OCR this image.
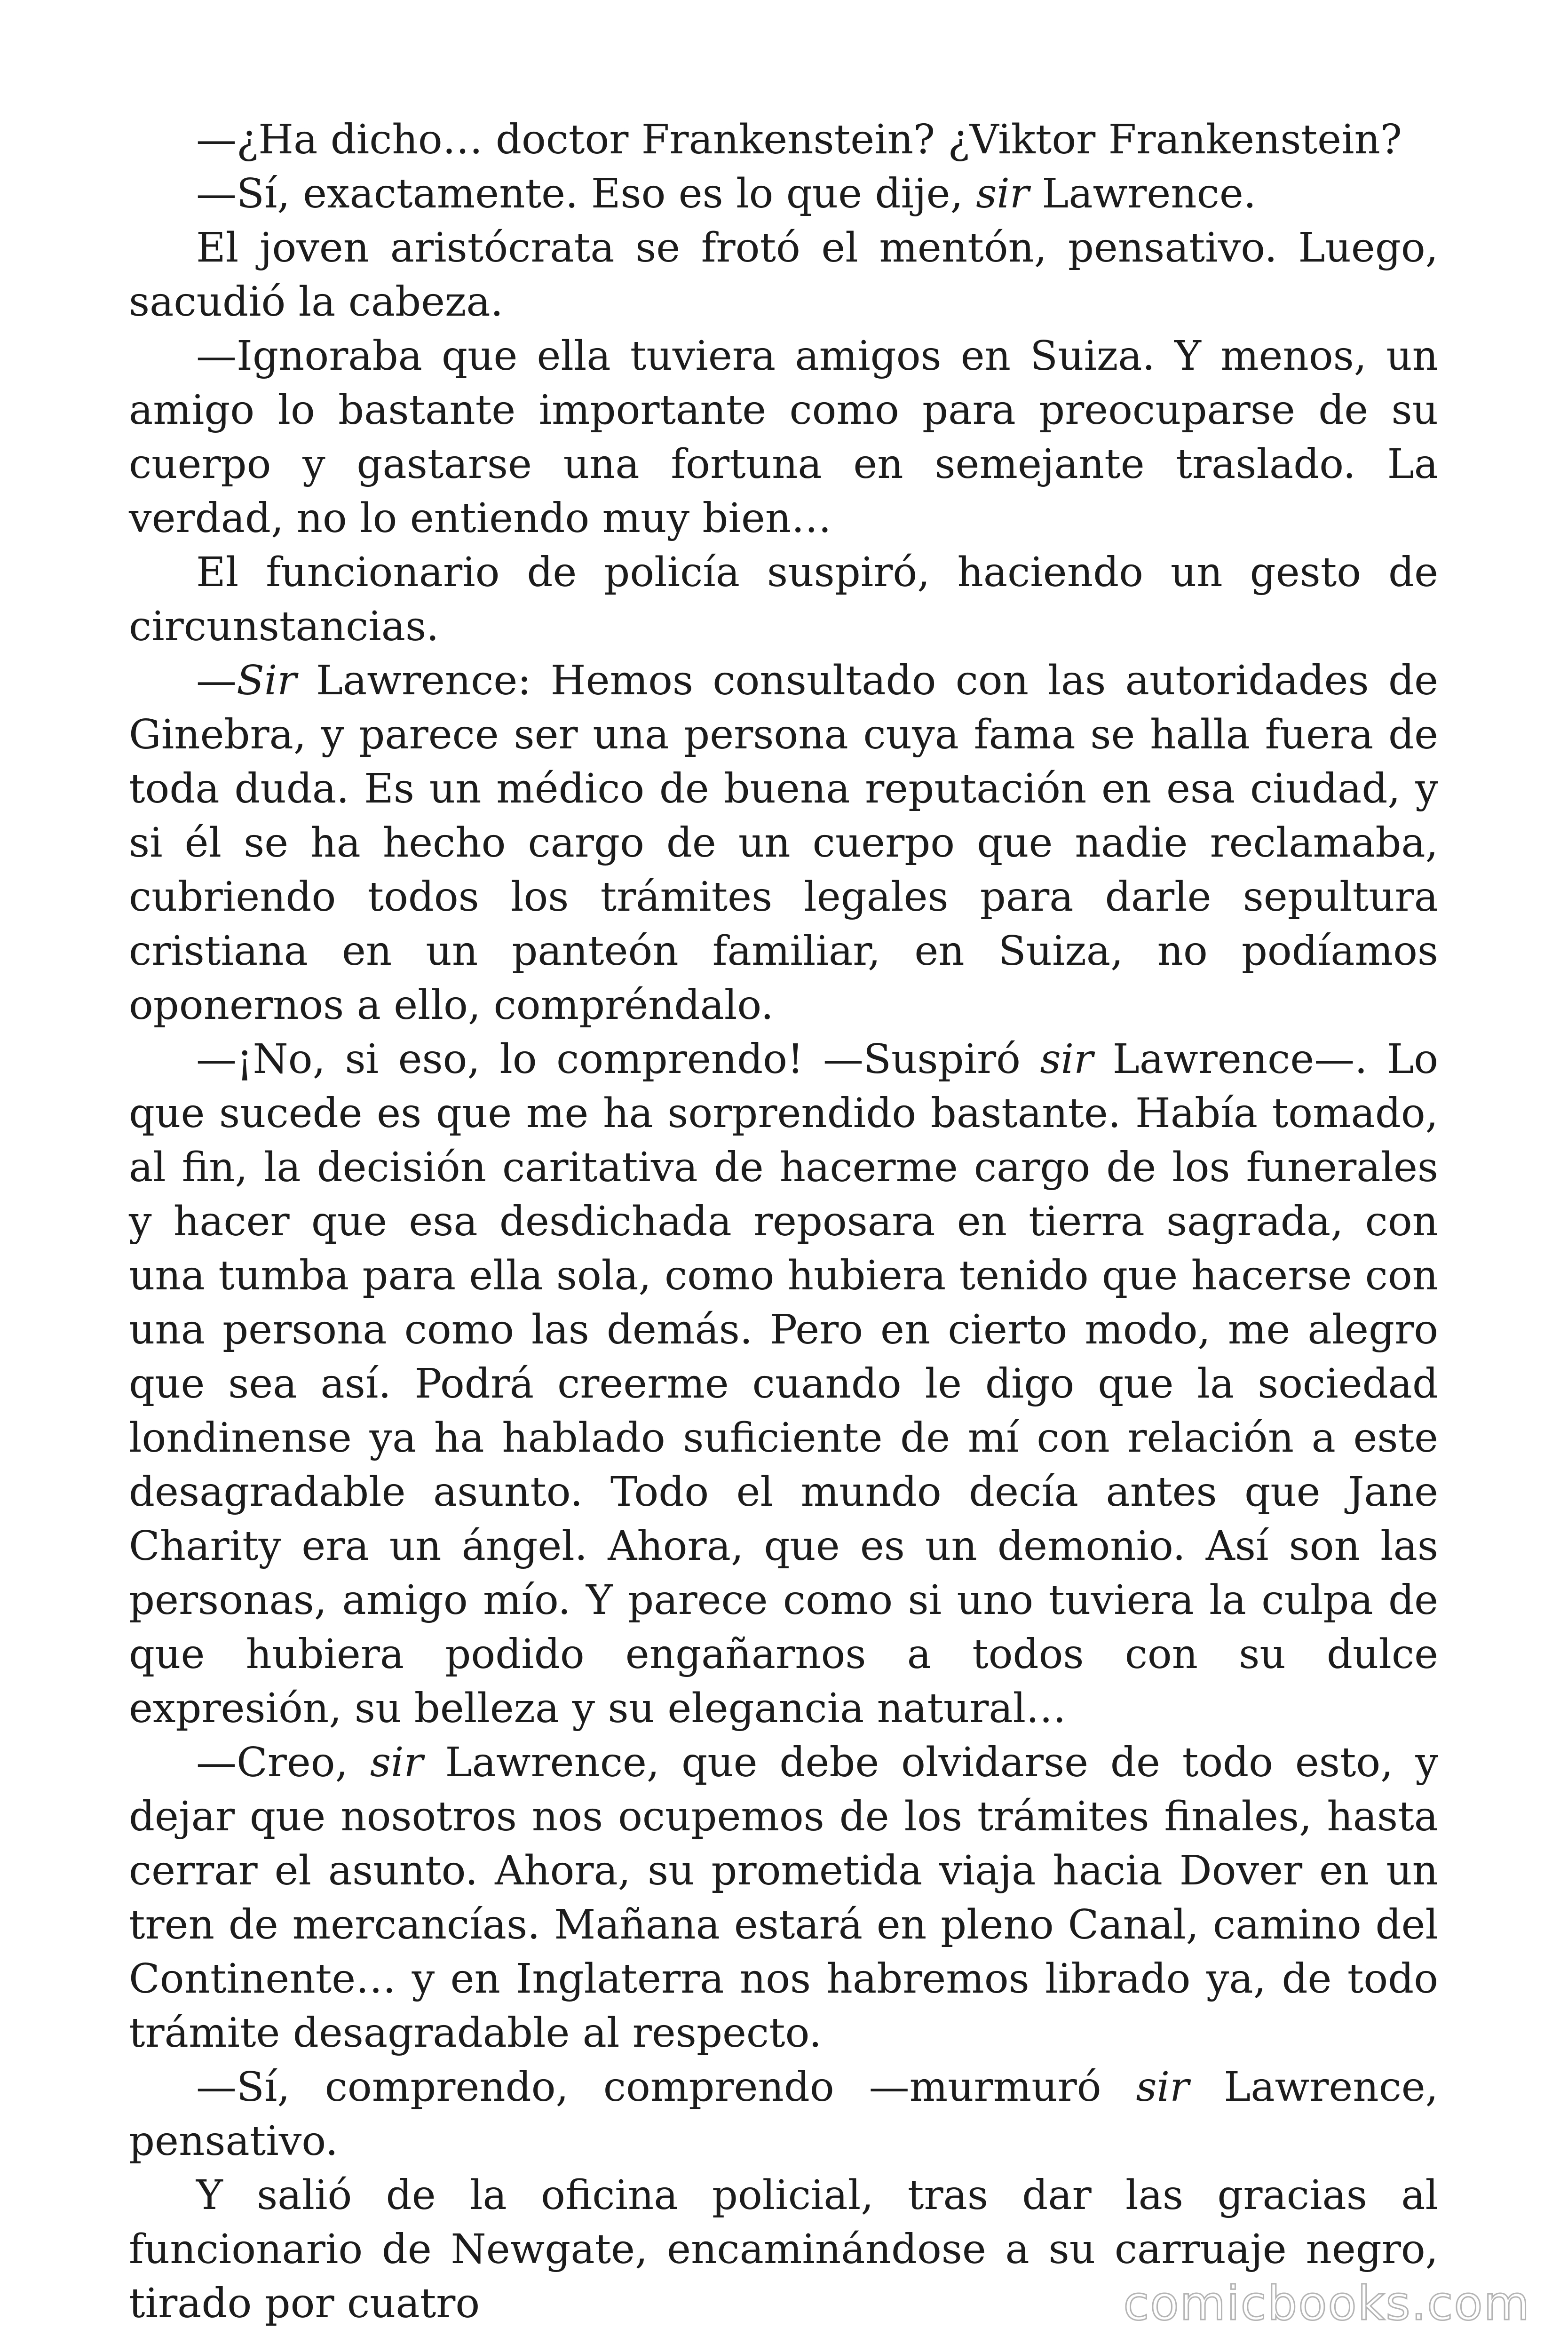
—¿Ha dicho… doctor Frankenstein? ¿Viktor Frankenstein?

—Sí, exactamente. Eso es lo que dije, sir Lawrence.

El joven aristócrata se frotó el mentón, pensativo. Luego, sacudió la cabeza.

—Ignoraba que ella tuviera amigos en Suiza. Y menos, un amigo lo bastante importante como para preocuparse de su cuerpo y gastarse una fortuna en semejante traslado. La verdad, no lo entiendo muy bien…

El funcionario de policía suspiró, haciendo un gesto de circunstancias.

—Sir Lawrence: Hemos consultado con las autoridades de Ginebra, y parece ser una persona cuya fama se halla fuera de toda duda. Es un médico de buena reputación en esa ciudad, y si él se ha hecho cargo de un cuerpo que nadie reclamaba, cubriendo todos los trámites legales para darle sepultura cristiana en un panteón familiar, en Suiza, no podíamos oponernos a ello, compréndalo.

—¡No, si eso, lo comprendo! —Suspiró sir Lawrence—. Lo que sucede es que me ha sorprendido bastante. Había tomado, al fin, la decisión caritativa de hacerme cargo de los funerales y hacer que esa desdichada reposara en tierra sagrada, con una tumba para ella sola, como hubiera tenido que hacerse con una persona como las demás. Pero en cierto modo, me alegro que sea así. Podrá creerme cuando le digo que la sociedad londinense ya ha hablado suficiente de mí con relación a este desagradable asunto. Todo el mundo decía antes que Jane Charity era un ángel. Ahora, que es un demonio. Así son las personas, amigo mío. Y parece como si uno tuviera la culpa de que hubiera podido engañarnos a todos con su dulce expresión, su belleza y su elegancia natural…

—Creo, sir Lawrence, que debe olvidarse de todo esto, y dejar que nosotros nos ocupemos de los trámites finales, hasta cerrar el asunto. Ahora, su prometida viaja hacia Dover en un tren de mercancías. Mañana estará en pleno Canal, camino del Continente… y en Inglaterra nos habremos librado ya, de todo trámite desagradable al respecto.

—Sí, comprendo, comprendo —murmuró sir Lawrence, pensativo.

Y salió de la oficina policial, tras dar las gracias al funcionario de Newgate, encaminándose a su carruaje negro, tirado por cuatro	comicbooks.com
